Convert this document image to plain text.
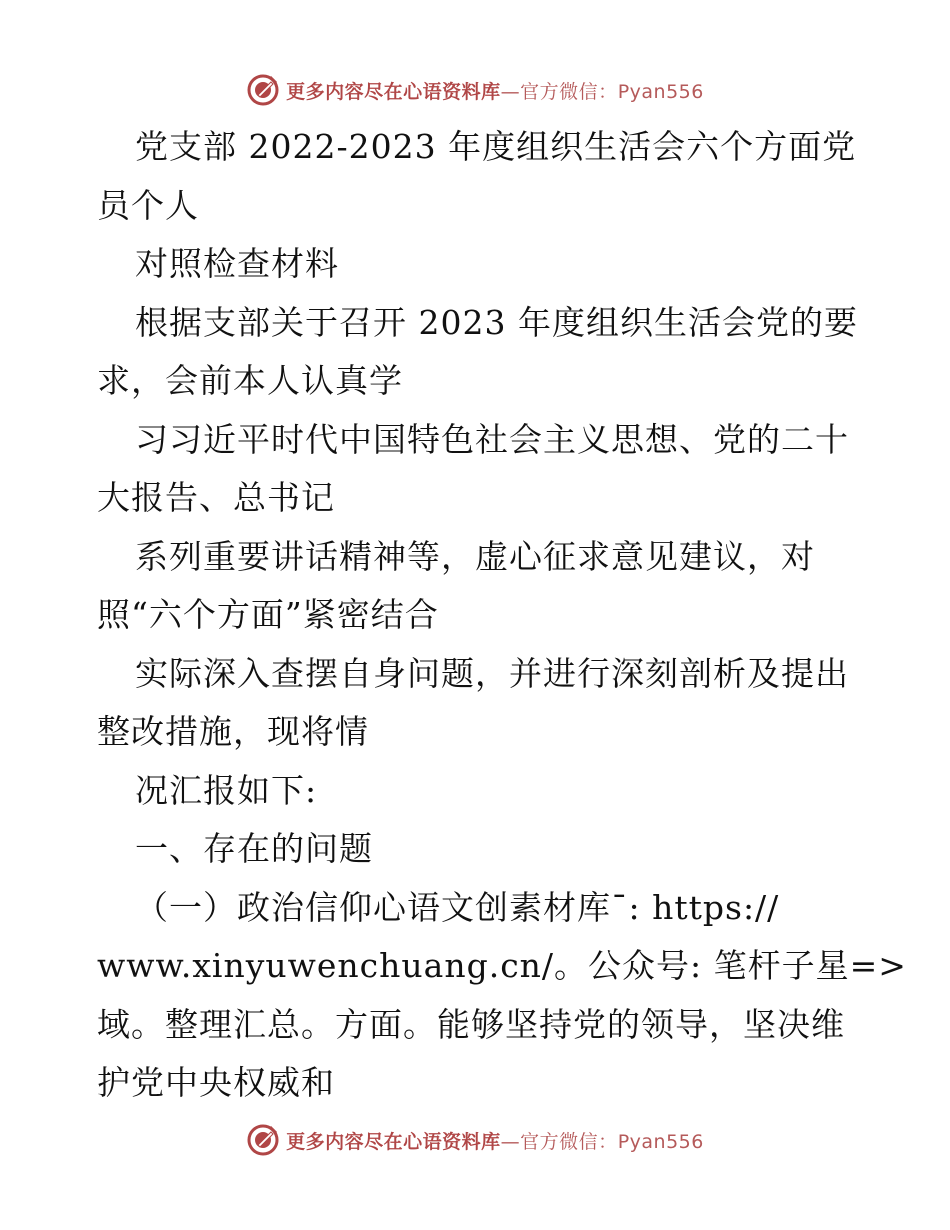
更多内容尽在心语资料库—官方微信：Pyan556
党支部 2022-2023 年度组织生活会六个方面党
员个人
对照检查材料
根据支部关于召开 2023 年度组织生活会党的要
求，会前本人认真学
习习近平时代中国特色社会主义思想、党的二十
大报告、总书记
系列重要讲话精神等，虚心征求意见建议，对
照“六个方面”紧密结合
实际深入查摆自身问题，并进行深刻剖析及提出
整改措施，现将情
况汇报如下:
一、存在的问题
（一）政治信仰心语文创素材库¯: https://
www.xinyuwenchuang.cn/。公众号: 笔杆子星=>
域。整理汇总。方面。能够坚持党的领导，坚决维
护党中央权威和
更多内容尽在心语资料库—官方微信：Pyan556
